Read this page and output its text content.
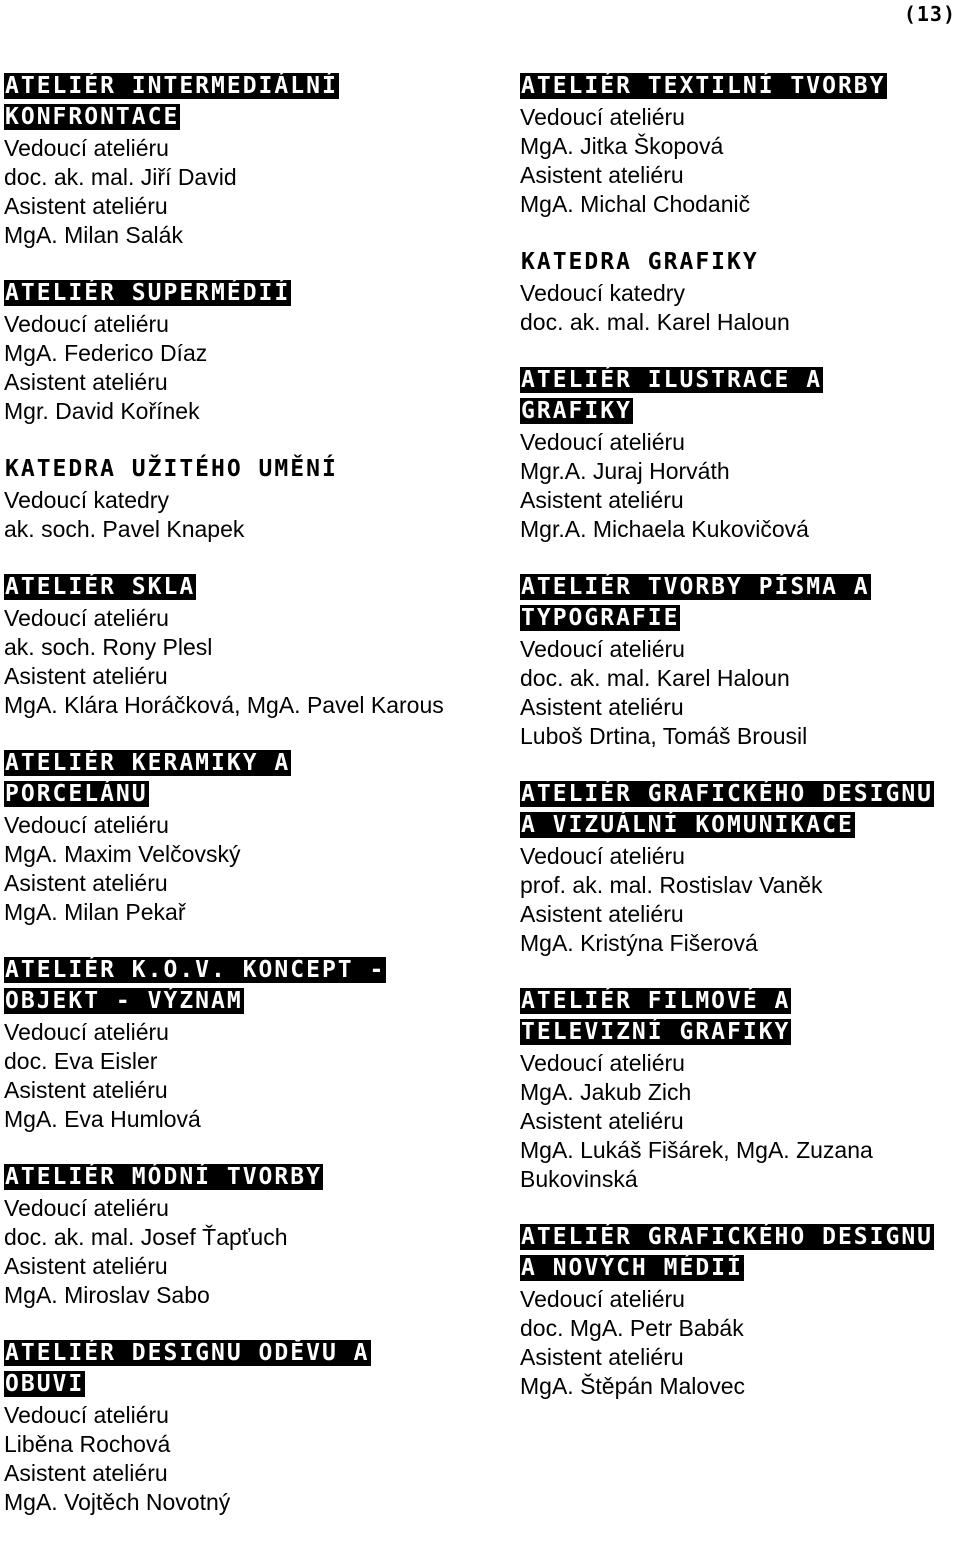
(13)
ATELIÉR INTERMEDIÁLNÍ KONFRONTACE
Vedoucí ateliéru
doc. ak. mal. Jiří David
Asistent ateliéru
MgA. Milan Salák
ATELIÉR SUPERMÉDIÍ
Vedoucí ateliéru
MgA. Federico Díaz
Asistent ateliéru
Mgr. David Kořínek
KATEDRA UŽITÉHO UMĚNÍ
Vedoucí katedry
ak. soch. Pavel Knapek
ATELIÉR SKLA
Vedoucí ateliéru
ak. soch. Rony Plesl
Asistent ateliéru
MgA. Klára Horáčková, MgA. Pavel Karous
ATELIÉR KERAMIKY A PORCELÁNU
Vedoucí ateliéru
MgA. Maxim Velčovský
Asistent ateliéru
MgA. Milan Pekař
ATELIÉR K.O.V. KONCEPT - OBJEKT - VÝZNAM
Vedoucí ateliéru
doc. Eva Eisler
Asistent ateliéru
MgA. Eva Humlová
ATELIÉR MÓDNÍ TVORBY
Vedoucí ateliéru
doc. ak. mal. Josef Ťapťuch
Asistent ateliéru
MgA. Miroslav Sabo
ATELIÉR DESIGNU ODĚVU A OBUVI
Vedoucí ateliéru
Liběna Rochová
Asistent ateliéru
MgA. Vojtěch Novotný
ATELIÉR TEXTILNÍ TVORBY
Vedoucí ateliéru
MgA. Jitka Škopová
Asistent ateliéru
MgA. Michal Chodanič
KATEDRA GRAFIKY
Vedoucí katedry
doc. ak. mal. Karel Haloun
ATELIÉR ILUSTRACE A GRAFIKY
Vedoucí ateliéru
Mgr.A. Juraj Horváth
Asistent ateliéru
Mgr.A. Michaela Kukovičová
ATELIÉR TVORBY PÍSMA A TYPOGRAFIE
Vedoucí ateliéru
doc. ak. mal. Karel Haloun
Asistent ateliéru
Luboš Drtina, Tomáš Brousil
ATELIÉR GRAFICKÉHO DESIGNU A VIZUÁLNÍ KOMUNIKACE
Vedoucí ateliéru
prof. ak. mal. Rostislav Vaněk
Asistent ateliéru
MgA. Kristýna Fišerová
ATELIÉR FILMOVÉ A TELEVIZNÍ GRAFIKY
Vedoucí ateliéru
MgA. Jakub Zich
Asistent ateliéru
MgA. Lukáš Fišárek, MgA. Zuzana Bukovinská
ATELIÉR GRAFICKÉHO DESIGNU A NOVÝCH MÉDIÍ
Vedoucí ateliéru
doc. MgA. Petr Babák
Asistent ateliéru
MgA. Štěpán Malovec
